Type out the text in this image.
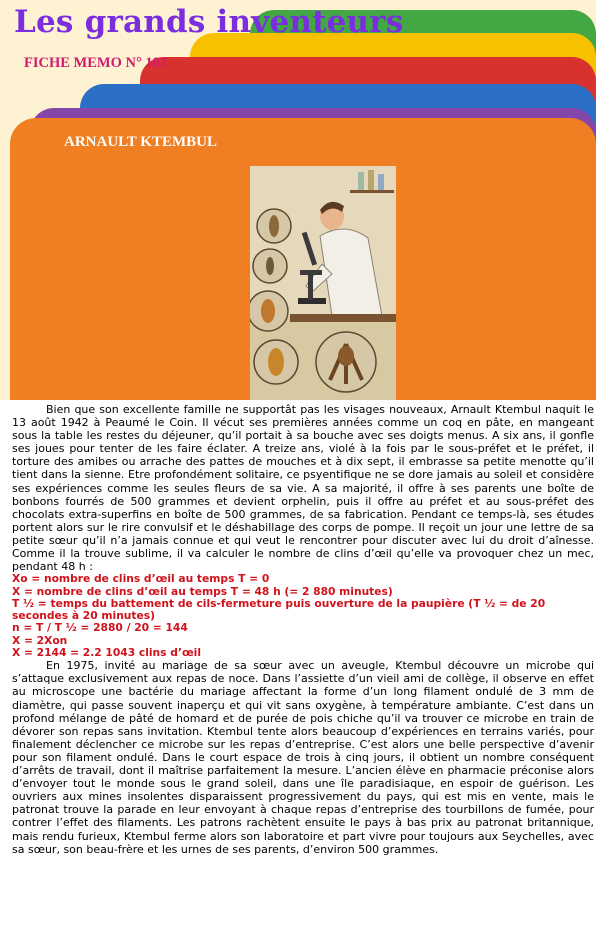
Les grands inventeurs
FICHE MEMO N° 187
ARNAULT KTEMBUL

Bien que son excellente famille ne supportât pas les visages nouveaux, Arnault Ktembul naquit le 13 août 1942 à Peaumé le Coin. Il vécut ses premières années comme un coq en pâte, en mangeant sous la table les restes du déjeuner, qu’il portait à sa bouche avec ses doigts menus. A six ans, il gonfle ses joues pour tenter de les faire éclater. A treize ans, violé à la fois par le sous-préfet et le préfet, il torture des amibes ou arrache des pattes de mouches et à dix sept, il embrasse sa petite menotte qu’il tient dans la sienne. Etre profondément solitaire, ce psyentifique ne se dore jamais au soleil et considère ses expériences comme les seules fleurs de sa vie. A sa majorité, il offre à ses parents une boîte de bonbons fourrés de 500 grammes et devient orphelin, puis il offre au préfet et au sous-préfet des chocolats extra-superfins en boîte de 500 grammes, de sa fabrication. Pendant ce temps-là, ses études portent alors sur le rire convulsif et le déshabillage des corps de pompe. Il reçoit un jour une lettre de sa petite sœur qu’il n’a jamais connue et qui veut le rencontrer pour discuter avec lui du droit d’aînesse. Comme il la trouve sublime, il va calculer le nombre de clins d’œil qu’elle va provoquer chez un mec, pendant 48 h :

Xo = nombre de clins d’œil au temps T = 0
X = nombre de clins d’œil au temps T = 48 h (= 2 880 minutes)
T ½ = temps du battement de cils-fermeture puis ouverture de la paupière (T ½ = de 20 secondes à 20 minutes)
n = T / T ½ = 2880 / 20 = 144
X = 2Xon
X = 2144 = 2.2 1043 clins d’œil

En 1975, invité au mariage de sa sœur avec un aveugle, Ktembul découvre un microbe qui s’attaque exclusivement aux repas de noce. Dans l’assiette d’un vieil ami de collège, il observe en effet au microscope une bactérie du mariage affectant la forme d’un long filament ondulé de 3 mm de diamètre, qui passe souvent inaperçu et qui vit sans oxygène, à température ambiante. C’est dans un profond mélange de pâté de homard et de purée de pois chiche qu’il va trouver ce microbe en train de dévorer son repas sans invitation. Ktembul tente alors beaucoup d’expériences en terrains variés, pour finalement déclencher ce microbe sur les repas d’entreprise. C’est alors une belle perspective d’avenir pour son filament ondulé. Dans le court espace de trois à cinq jours, il obtient un nombre conséquent d’arrêts de travail, dont il maîtrise parfaitement la mesure. L’ancien élève en pharmacie préconise alors d’envoyer tout le monde sous le grand soleil, dans une île paradisiaque, en espoir de guérison. Les ouvriers aux mines insolentes disparaissent progressivement du pays, qui est mis en vente, mais le patronat trouve la parade en leur envoyant à chaque repas d’entreprise des tourbillons de fumée, pour contrer l’effet des filaments. Les patrons rachètent ensuite le pays à bas prix au patronat britannique, mais rendu furieux, Ktembul ferme alors son laboratoire et part vivre pour toujours aux Seychelles, avec sa sœur, son beau-frère et les urnes de ses parents, d’environ 500 grammes.
